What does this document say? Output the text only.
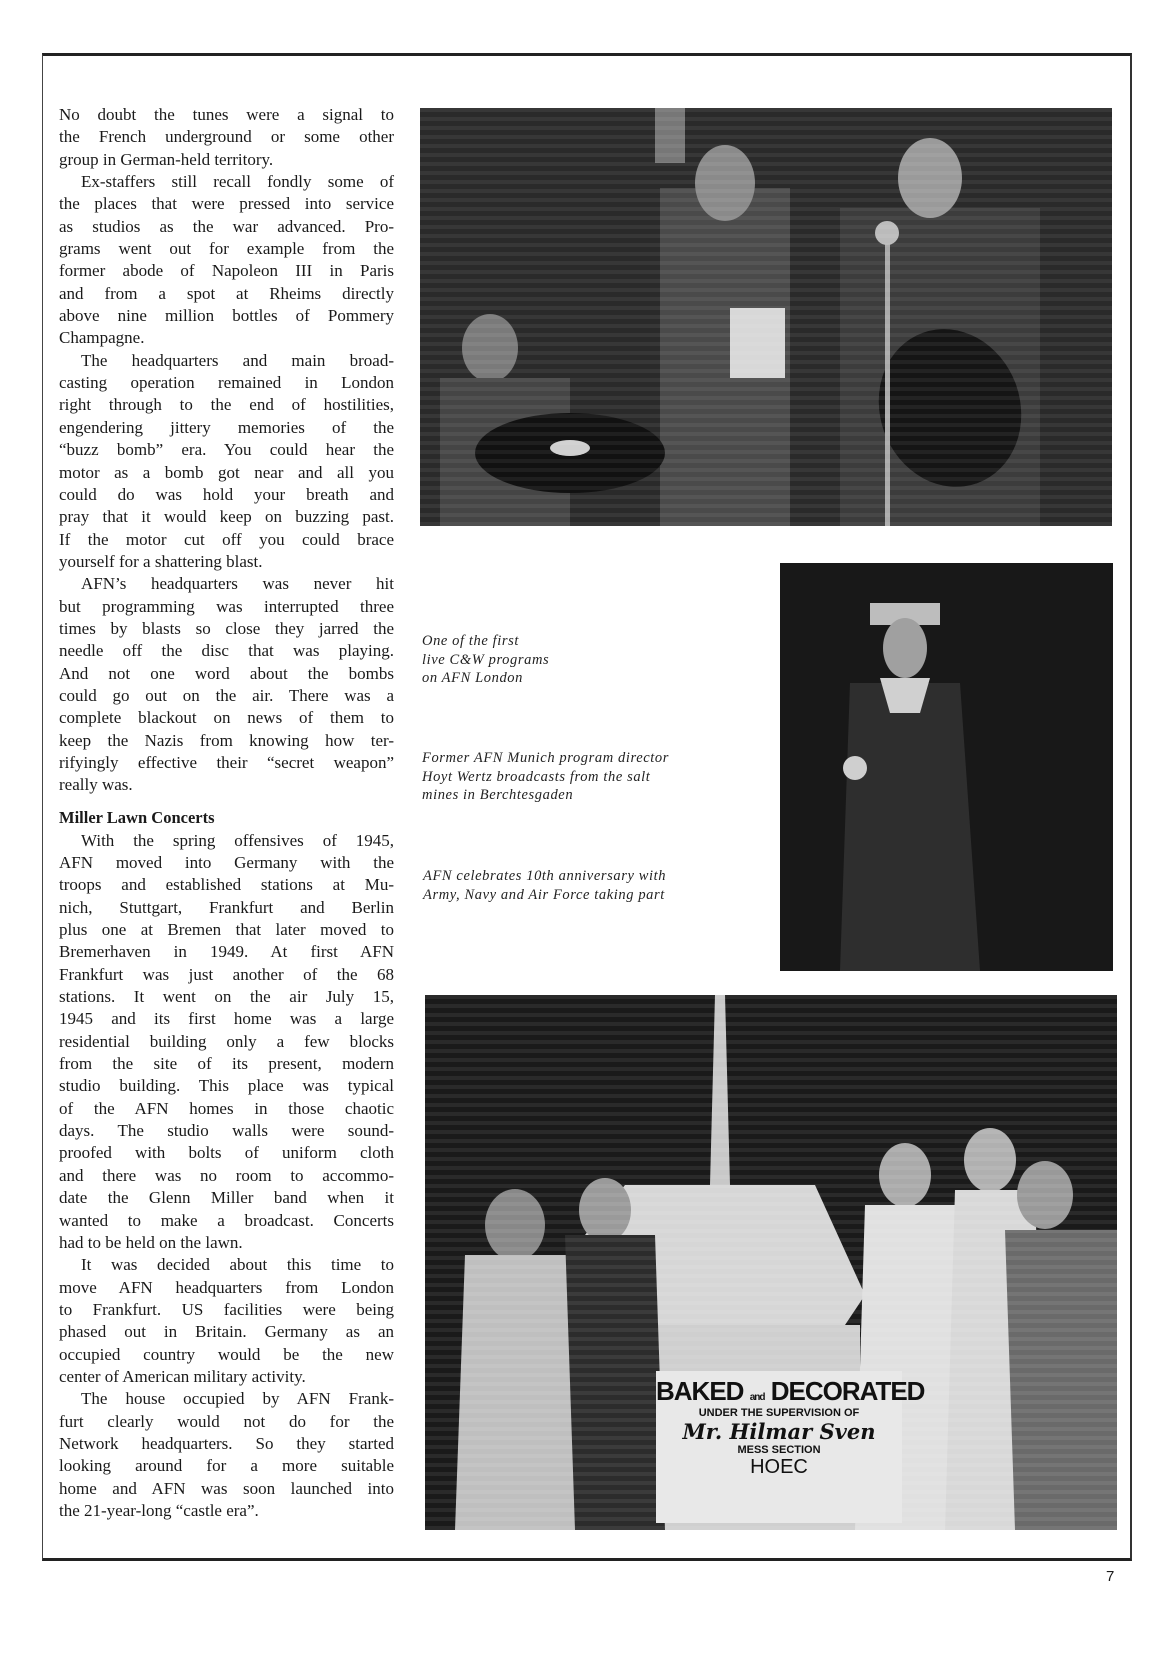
No doubt the tunes were a signal to
the French underground or some other
group in German-held territory.
Ex-staffers still recall fondly some of
the places that were pressed into service
as studios as the war advanced. Pro-
grams went out for example from the
former abode of Napoleon III in Paris
and from a spot at Rheims directly
above nine million bottles of Pommery
Champagne.
The headquarters and main broad-
casting operation remained in London
right through to the end of hostilities,
engendering jittery memories of the
“buzz bomb” era. You could hear the
motor as a bomb got near and all you
could do was hold your breath and
pray that it would keep on buzzing past.
If the motor cut off you could brace
yourself for a shattering blast.
AFN’s headquarters was never hit
but programming was interrupted three
times by blasts so close they jarred the
needle off the disc that was playing.
And not one word about the bombs
could go out on the air. There was a
complete blackout on news of them to
keep the Nazis from knowing how ter-
rifyingly effective their “secret weapon”
really was.
Miller Lawn Concerts
With the spring offensives of 1945,
AFN moved into Germany with the
troops and established stations at Mu-
nich, Stuttgart, Frankfurt and Berlin
plus one at Bremen that later moved to
Bremerhaven in 1949. At first AFN
Frankfurt was just another of the 68
stations. It went on the air July 15,
1945 and its first home was a large
residential building only a few blocks
from the site of its present, modern
studio building. This place was typical
of the AFN homes in those chaotic
days. The studio walls were sound-
proofed with bolts of uniform cloth
and there was no room to accommo-
date the Glenn Miller band when it
wanted to make a broadcast. Concerts
had to be held on the lawn.
It was decided about this time to
move AFN headquarters from London
to Frankfurt. US facilities were being
phased out in Britain. Germany as an
occupied country would be the new
center of American military activity.
The house occupied by AFN Frank-
furt clearly would not do for the
Network headquarters. So they started
looking around for a more suitable
home and AFN was soon launched into
the 21-year-long “castle era”.
BAKED and DECORATED
UNDER THE SUPERVISION OF
Mr. Hilmar Sven
MESS SECTION
HOEC
One of the first
live C&W programs
on AFN London
Former AFN Munich program director
Hoyt Wertz broadcasts from the salt
mines in Berchtesgaden
AFN celebrates 10th anniversary with
Army, Navy and Air Force taking part
7
